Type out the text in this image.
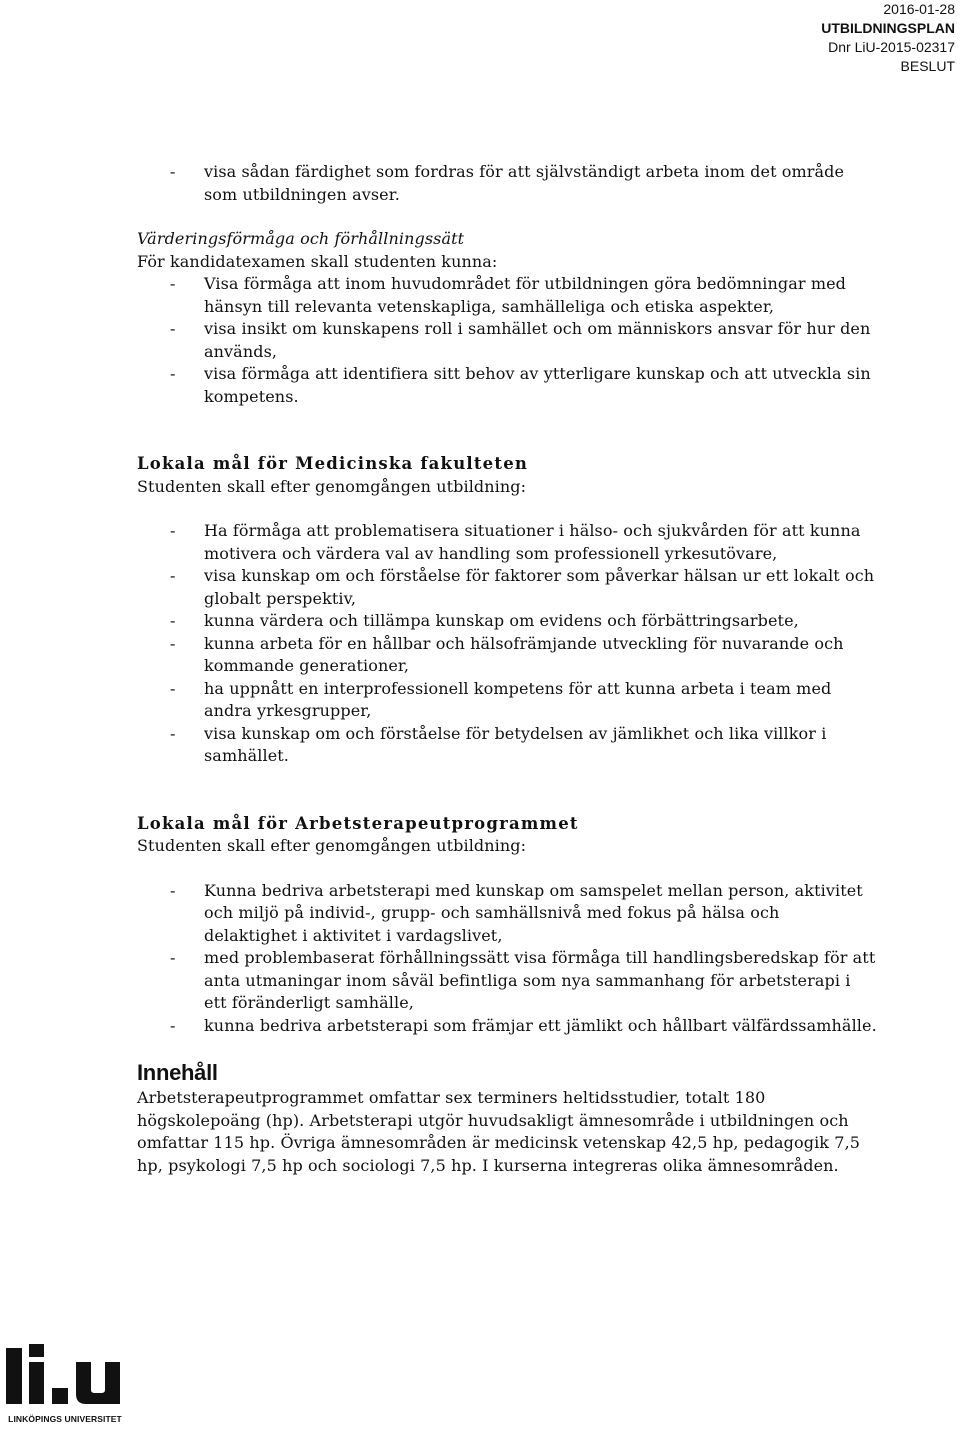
2016-01-28
UTBILDNINGSPLAN
Dnr LiU-2015-02317
BESLUT
- visa sådan färdighet som fordras för att självständigt arbeta inom det område som utbildningen avser.
Värderingsförmåga och förhållningssätt
För kandidatexamen skall studenten kunna:
- Visa förmåga att inom huvudområdet för utbildningen göra bedömningar med hänsyn till relevanta vetenskapliga, samhälleliga och etiska aspekter,
- visa insikt om kunskapens roll i samhället och om människors ansvar för hur den används,
- visa förmåga att identifiera sitt behov av ytterligare kunskap och att utveckla sin kompetens.
Lokala mål för Medicinska fakulteten
Studenten skall efter genomgången utbildning:
- Ha förmåga att problematisera situationer i hälso- och sjukvården för att kunna motivera och värdera val av handling som professionell yrkesutövare,
- visa kunskap om och förståelse för faktorer som påverkar hälsan ur ett lokalt och globalt perspektiv,
- kunna värdera och tillämpa kunskap om evidens och förbättringsarbete,
- kunna arbeta för en hållbar och hälsofrämjande utveckling för nuvarande och kommande generationer,
- ha uppnått en interprofessionell kompetens för att kunna arbeta i team med andra yrkesgrupper,
- visa kunskap om och förståelse för betydelsen av jämlikhet och lika villkor i samhället.
Lokala mål för Arbetsterapeutprogrammet
Studenten skall efter genomgången utbildning:
- Kunna bedriva arbetsterapi med kunskap om samspelet mellan person, aktivitet och miljö på individ-, grupp- och samhällsnivå med fokus på hälsa och delaktighet i aktivitet i vardagslivet,
- med problembaserat förhållningssätt visa förmåga till handlingsberedskap för att anta utmaningar inom såväl befintliga som nya sammanhang för arbetsterapi i ett föränderligt samhälle,
- kunna bedriva arbetsterapi som främjar ett jämlikt och hållbart välfärdssamhälle.
Innehåll
Arbetsterapeutprogrammet omfattar sex terminers heltidsstudier, totalt 180 högskolepoäng (hp). Arbetsterapi utgör huvudsakligt ämnesområde i utbildningen och omfattar 115 hp. Övriga ämnesområden är medicinsk vetenskap 42,5 hp, pedagogik 7,5 hp, psykologi 7,5 hp och sociologi 7,5 hp. I kurserna integreras olika ämnesområden.
LINKÖPINGS UNIVERSITET
